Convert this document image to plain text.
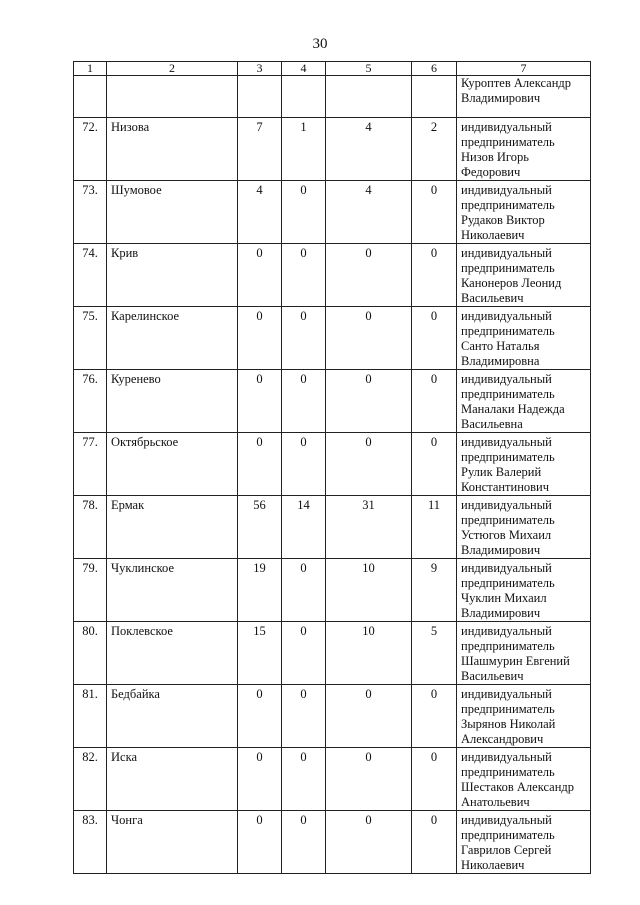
30
1	2	3	4	5	6	7

						Куроптев Александр
Владимирович

72.	Низова	7	1	4	2	индивидуальный
предприниматель
Низов Игорь
Федорович

73.	Шумовое	4	0	4	0	индивидуальный
предприниматель
Рудаков Виктор
Николаевич

74.	Крив	0	0	0	0	индивидуальный
предприниматель
Канонеров Леонид
Васильевич

75.	Карелинское	0	0	0	0	индивидуальный
предприниматель
Санто Наталья
Владимировна

76.	Куренево	0	0	0	0	индивидуальный
предприниматель
Маналаки Надежда
Васильевна

77.	Октябрьское	0	0	0	0	индивидуальный
предприниматель
Рулик Валерий
Константинович

78.	Ермак	56	14	31	11	индивидуальный
предприниматель
Устюгов Михаил
Владимирович

79.	Чуклинское	19	0	10	9	индивидуальный
предприниматель
Чуклин Михаил
Владимирович

80.	Поклевское	15	0	10	5	индивидуальный
предприниматель
Шашмурин Евгений
Васильевич

81.	Бедбайка	0	0	0	0	индивидуальный
предприниматель
Зырянов Николай
Александрович

82.	Иска	0	0	0	0	индивидуальный
предприниматель
Шестаков Александр
Анатольевич

83.	Чонга	0	0	0	0	индивидуальный
предприниматель
Гаврилов Сергей
Николаевич
